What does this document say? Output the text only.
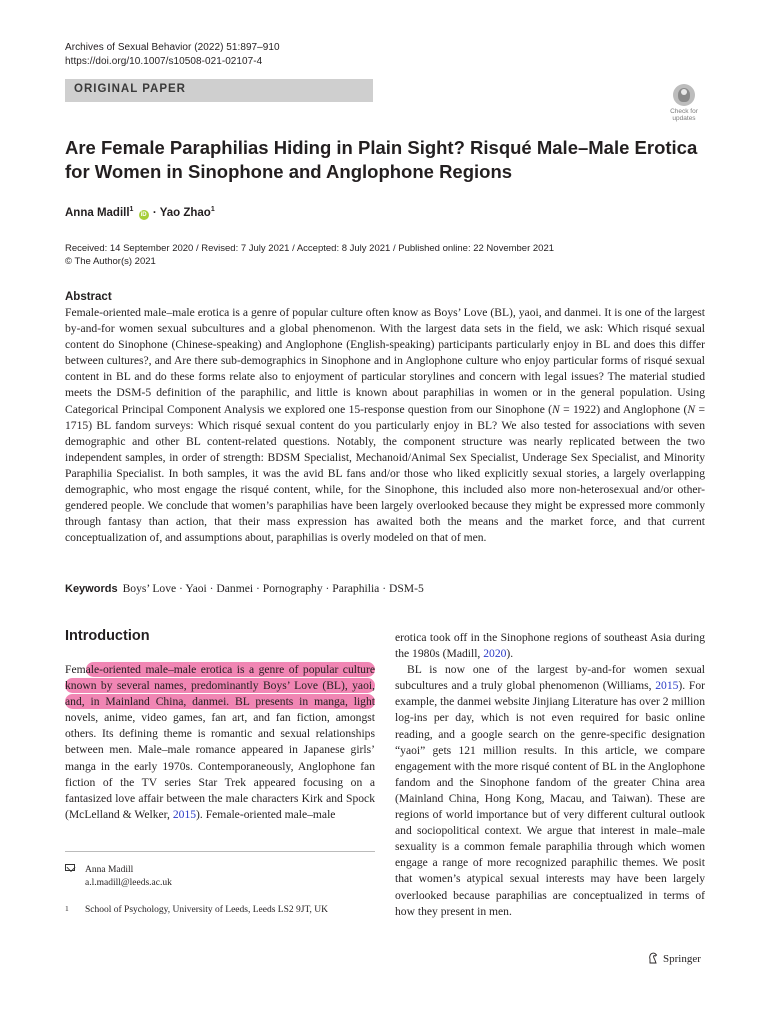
Archives of Sexual Behavior (2022) 51:897–910
https://doi.org/10.1007/s10508-021-02107-4
ORIGINAL PAPER
Check for
updates
Are Female Paraphilias Hiding in Plain Sight? Risqué Male–Male Erotica for Women in Sinophone and Anglophone Regions
Anna Madill$^1$ iD · Yao Zhao$^1$
Received: 14 September 2020 / Revised: 7 July 2021 / Accepted: 8 July 2021 / Published online: 22 November 2021
© The Author(s) 2021
Abstract
Female-oriented male–male erotica is a genre of popular culture often know as Boys’ Love (BL), yaoi, and danmei. It is one of the largest by-and-for women sexual subcultures and a global phenomenon. With the largest data sets in the field, we ask: Which risqué sexual content do Sinophone (Chinese-speaking) and Anglophone (English-speaking) participants particularly enjoy in BL and does this differ between cultures?, and Are there sub-demographics in Sinophone and in Anglophone culture who enjoy particular forms of risqué sexual content in BL and do these forms relate also to enjoyment of particular storylines and concern with legal issues? The material studied meets the DSM-5 definition of the paraphilic, and little is known about paraphilias in women or in the general population. Using Categorical Principal Component Analysis we explored one 15-response question from our Sinophone (N = 1922) and Anglophone (N = 1715) BL fandom surveys: Which risqué sexual content do you particularly enjoy in BL? We also tested for associations with seven demographic and other BL content-related questions. Notably, the component structure was nearly replicated between the two independent samples, in order of strength: BDSM Specialist, Mechanoid/Animal Sex Specialist, Underage Sex Specialist, and Minority Paraphilia Specialist. In both samples, it was the avid BL fans and/or those who liked explicitly sexual stories, a largely overlapping demographic, who most engage the risqué content, while, for the Sinophone, this included also more non-heterosexual and/or other-gendered people. We conclude that women’s paraphilias have been largely overlooked because they might be expressed more commonly through fantasy than action, that their mass expression has awaited both the means and the market force, and that current conceptualization of, and assumptions about, paraphilias is overly modeled on that of men.
Keywords Boys’ Love · Yaoi · Danmei · Pornography · Paraphilia · DSM-5
Introduction
Female-oriented male–male erotica is a genre of popular culture known by several names, predominantly Boys’ Love (BL), yaoi, and, in Mainland China, danmei. BL presents in manga, light novels, anime, video games, fan art, and fan fiction, amongst others. Its defining theme is romantic and sexual relationships between men. Male–male romance appeared in Japanese girls’ manga in the early 1970s. Contemporaneously, Anglophone fan fiction of the TV series Star Trek appeared focusing on a fantasized love affair between the male characters Kirk and Spock (McLelland & Welker, 2015). Female-oriented male–male
erotica took off in the Sinophone regions of southeast Asia during the 1980s (Madill, 2020).
BL is now one of the largest by-and-for women sexual subcultures and a truly global phenomenon (Williams, 2015). For example, the danmei website Jinjiang Literature has over 2 million log-ins per day, which is not even required for basic online reading, and a google search on the genre-specific designation “yaoi” gets 121 million results. In this article, we compare engagement with the more risqué content of BL in the Anglophone fandom and the Sinophone fandom of the greater China area (Mainland China, Hong Kong, Macau, and Taiwan). These are regions of world importance but of very different cultural outlook and sociopolitical context. We argue that interest in male–male sexuality is a common female paraphilia through which women engage a range of more recognized paraphilic themes. We posit that women’s atypical sexual interests may have been largely overlooked because paraphilias are conceptualized in terms of how they present in men.
Anna Madill
a.l.madill@leeds.ac.uk
1 School of Psychology, University of Leeds, Leeds LS2 9JT, UK
Springer
